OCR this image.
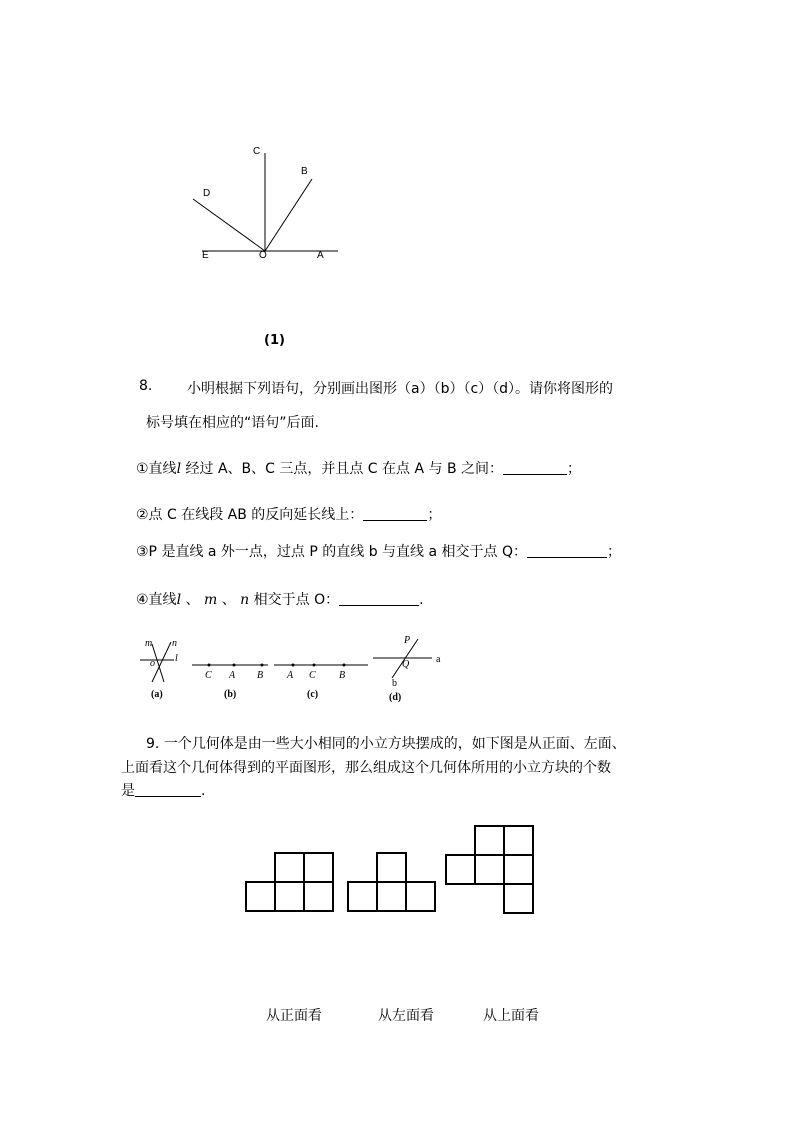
C
B
D
E	O	A
(1)
8. 小明根据下列语句，分别画出图形（a）（b）（c）（d）。请你将图形的
标号填在相应的“语句”后面.
①直线l 经过 A、B、C 三点，并且点 C 在点 A 与 B 之间：	；
②点 C 在线段 AB 的反向延长线上：	；
③P 是直线 a 外一点，过点 P 的直线 b 与直线 a 相交于点 Q：	；
④直线l 、 m 、 n 相交于点 O：	.
m n
l
o
(a)
C A B
(b)
A C B
(c)
P
Q	a
b
(d)
9. 一个几何体是由一些大小相同的小立方块摆成的，如下图是从正面、左面、
上面看这个几何体得到的平面图形，那么组成这个几何体所用的小立方块的个数
是	.
从正面看	从左面看	从上面看
